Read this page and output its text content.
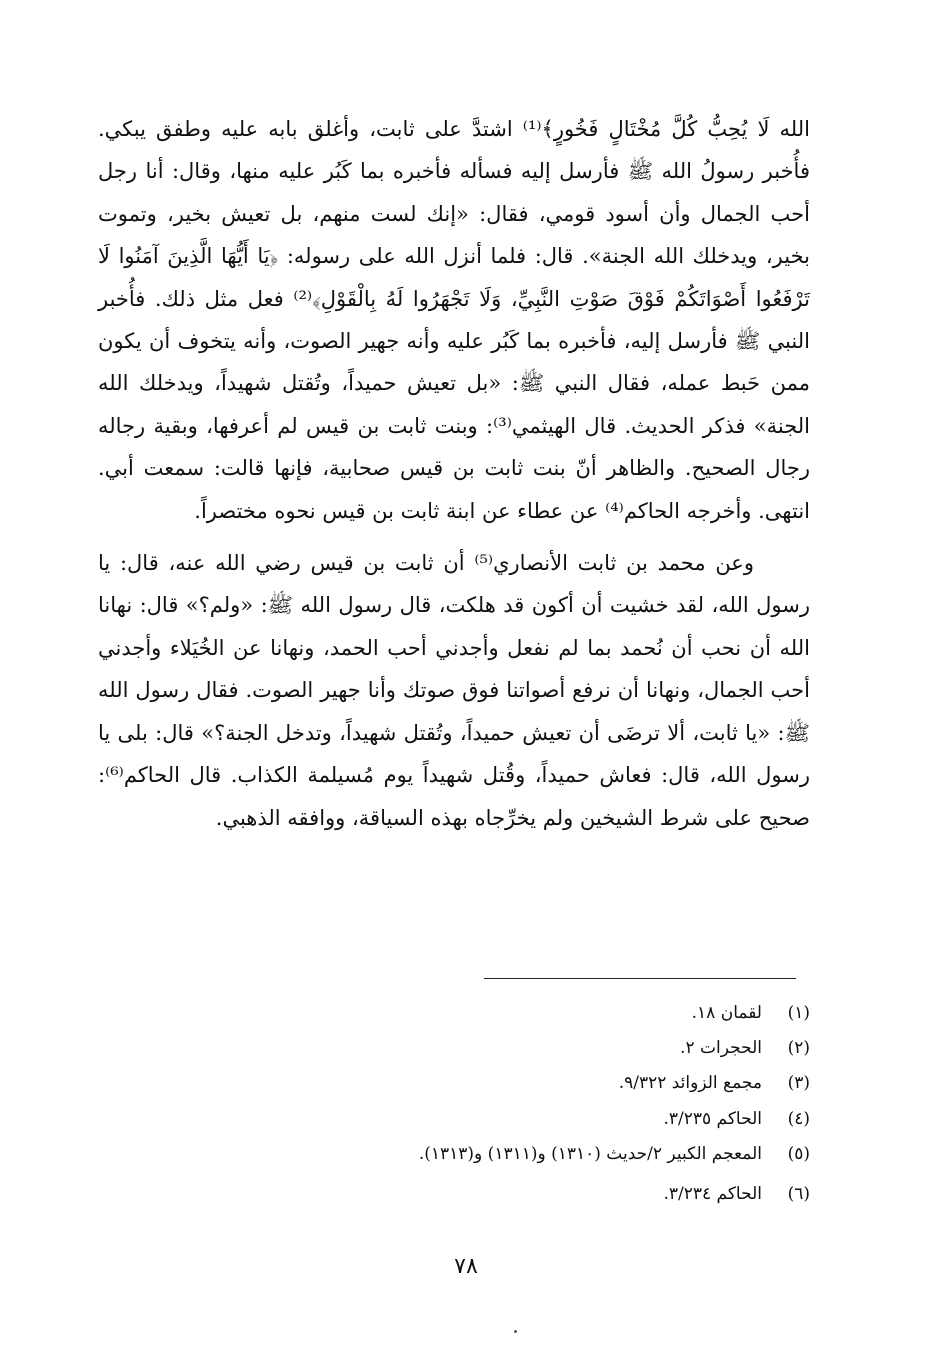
الله لَا يُحِبُّ كُلَّ مُخْتَالٍ فَخُورٍ﴾⁽¹⁾ اشتدَّ على ثابت، وأغلق بابه عليه وطفق يبكي. فأُخبر رسولُ الله ﷺ فأرسل إليه فسأله فأخبره بما كَبُر عليه منها، وقال: أنا رجل أحب الجمال وأن أسود قومي، فقال: «إنك لست منهم، بل تعيش بخير، وتموت بخير، ويدخلك الله الجنة». قال: فلما أنزل الله على رسوله: ﴿يَا أَيُّهَا الَّذِينَ آمَنُوا لَا تَرْفَعُوا أَصْوَاتَكُمْ فَوْقَ صَوْتِ النَّبِيِّ، وَلَا تَجْهَرُوا لَهُ بِالْقَوْلِ﴾⁽²⁾ فعل مثل ذلك. فأُخبر النبي ﷺ فأرسل إليه، فأخبره بما كَبُر عليه وأنه جهير الصوت، وأنه يتخوف أن يكون ممن حَبط عمله، فقال النبي ﷺ: «بل تعيش حميداً، وتُقتل شهيداً، ويدخلك الله الجنة» فذكر الحديث. قال الهيثمي⁽³⁾: وبنت ثابت بن قيس لم أعرفها، وبقية رجاله رجال الصحيح. والظاهر أنّ بنت ثابت بن قيس صحابية، فإنها قالت: سمعت أبي. انتهى. وأخرجه الحاكم⁽⁴⁾ عن عطاء عن ابنة ثابت بن قيس نحوه مختصراً.

وعن محمد بن ثابت الأنصاري⁽⁵⁾ أن ثابت بن قيس رضي الله عنه، قال: يا رسول الله، لقد خشيت أن أكون قد هلكت، قال رسول الله ﷺ: «ولم؟» قال: نهانا الله أن نحب أن نُحمد بما لم نفعل وأجدني أحب الحمد، ونهانا عن الخُيَلاء وأجدني أحب الجمال، ونهانا أن نرفع أصواتنا فوق صوتك وأنا جهير الصوت. فقال رسول الله ﷺ: «يا ثابت، ألا ترضَى أن تعيش حميداً، وتُقتل شهيداً، وتدخل الجنة؟» قال: بلى يا رسول الله، قال: فعاش حميداً، وقُتل شهيداً يوم مُسيلمة الكذاب. قال الحاكم⁽⁶⁾: صحيح على شرط الشيخين ولم يخرِّجاه بهذه السياقة، ووافقه الذهبي.

(١)
لقمان ١٨.
(٢)
الحجرات ٢.
(٣)
مجمع الزوائد ٩/٣٢٢.
(٤)
الحاكم ٣/٢٣٥.
(٥)
المعجم الكبير ٢/حديث (١٣١٠) و(١٣١١) و(١٣١٣).
(٦)
الحاكم ٣/٢٣٤.
٧٨
